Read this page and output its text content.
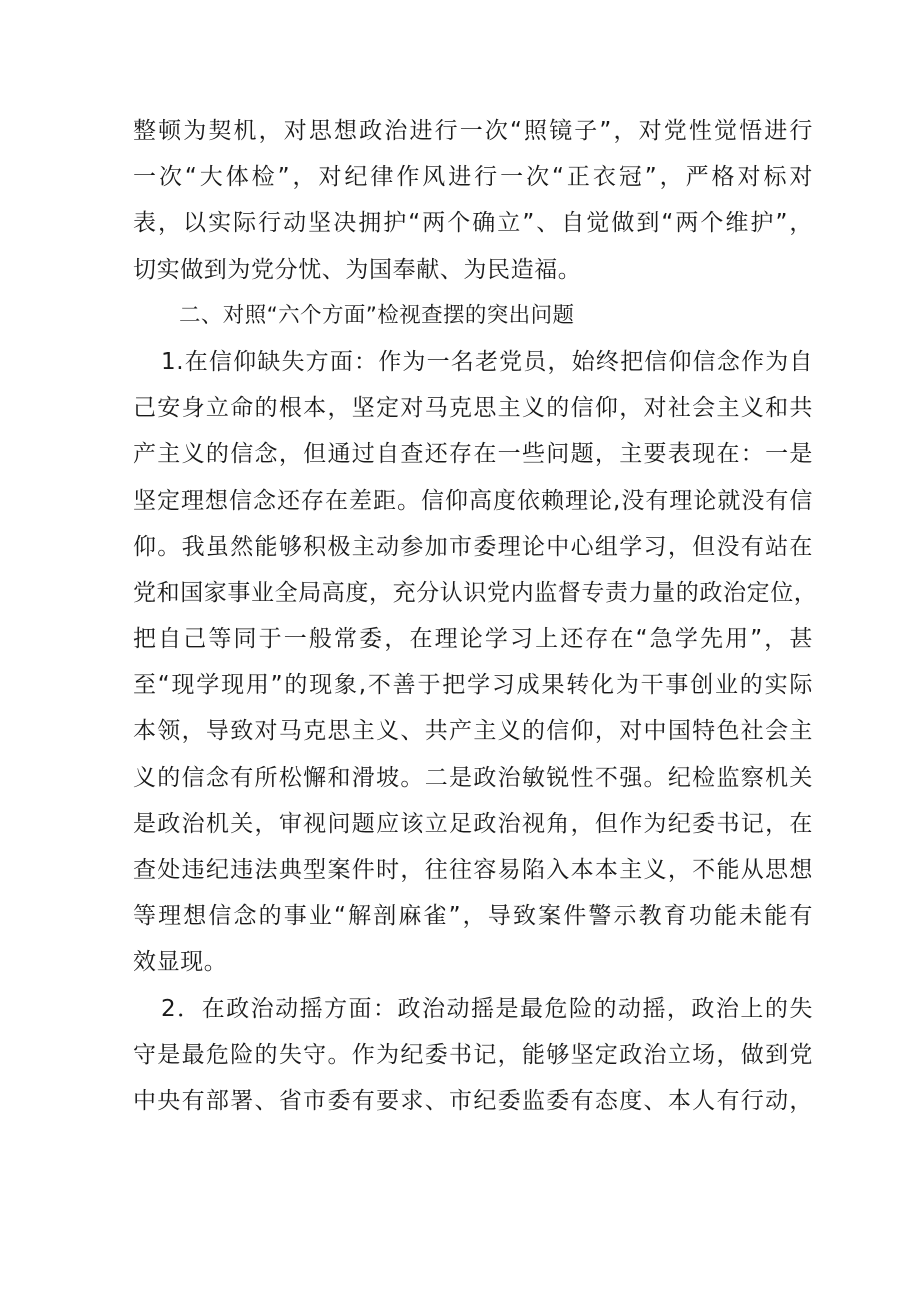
整顿为契机，对思想政治进行一次“照镜子”，对党性觉悟进行
一次“大体检”，对纪律作风进行一次“正衣冠”，严格对标对
表，以实际行动坚决拥护“两个确立”、自觉做到“两个维护”，
切实做到为党分忧、为国奉献、为民造福。
二、对照“六个方面”检视查摆的突出问题
1.在信仰缺失方面：作为一名老党员，始终把信仰信念作为自
己安身立命的根本，坚定对马克思主义的信仰，对社会主义和共
产主义的信念，但通过自查还存在一些问题，主要表现在：一是
坚定理想信念还存在差距。信仰高度依赖理论,没有理论就没有信
仰。我虽然能够积极主动参加市委理论中心组学习，但没有站在
党和国家事业全局高度，充分认识党内监督专责力量的政治定位，
把自己等同于一般常委，在理论学习上还存在“急学先用”，甚
至“现学现用”的现象,不善于把学习成果转化为干事创业的实际
本领，导致对马克思主义、共产主义的信仰，对中国特色社会主
义的信念有所松懈和滑坡。二是政治敏锐性不强。纪检监察机关
是政治机关，审视问题应该立足政治视角，但作为纪委书记，在
查处违纪违法典型案件时，往往容易陷入本本主义，不能从思想
等理想信念的事业“解剖麻雀”，导致案件警示教育功能未能有
效显现。
2．在政治动摇方面：政治动摇是最危险的动摇，政治上的失
守是最危险的失守。作为纪委书记，能够坚定政治立场，做到党
中央有部署、省市委有要求、市纪委监委有态度、本人有行动，
